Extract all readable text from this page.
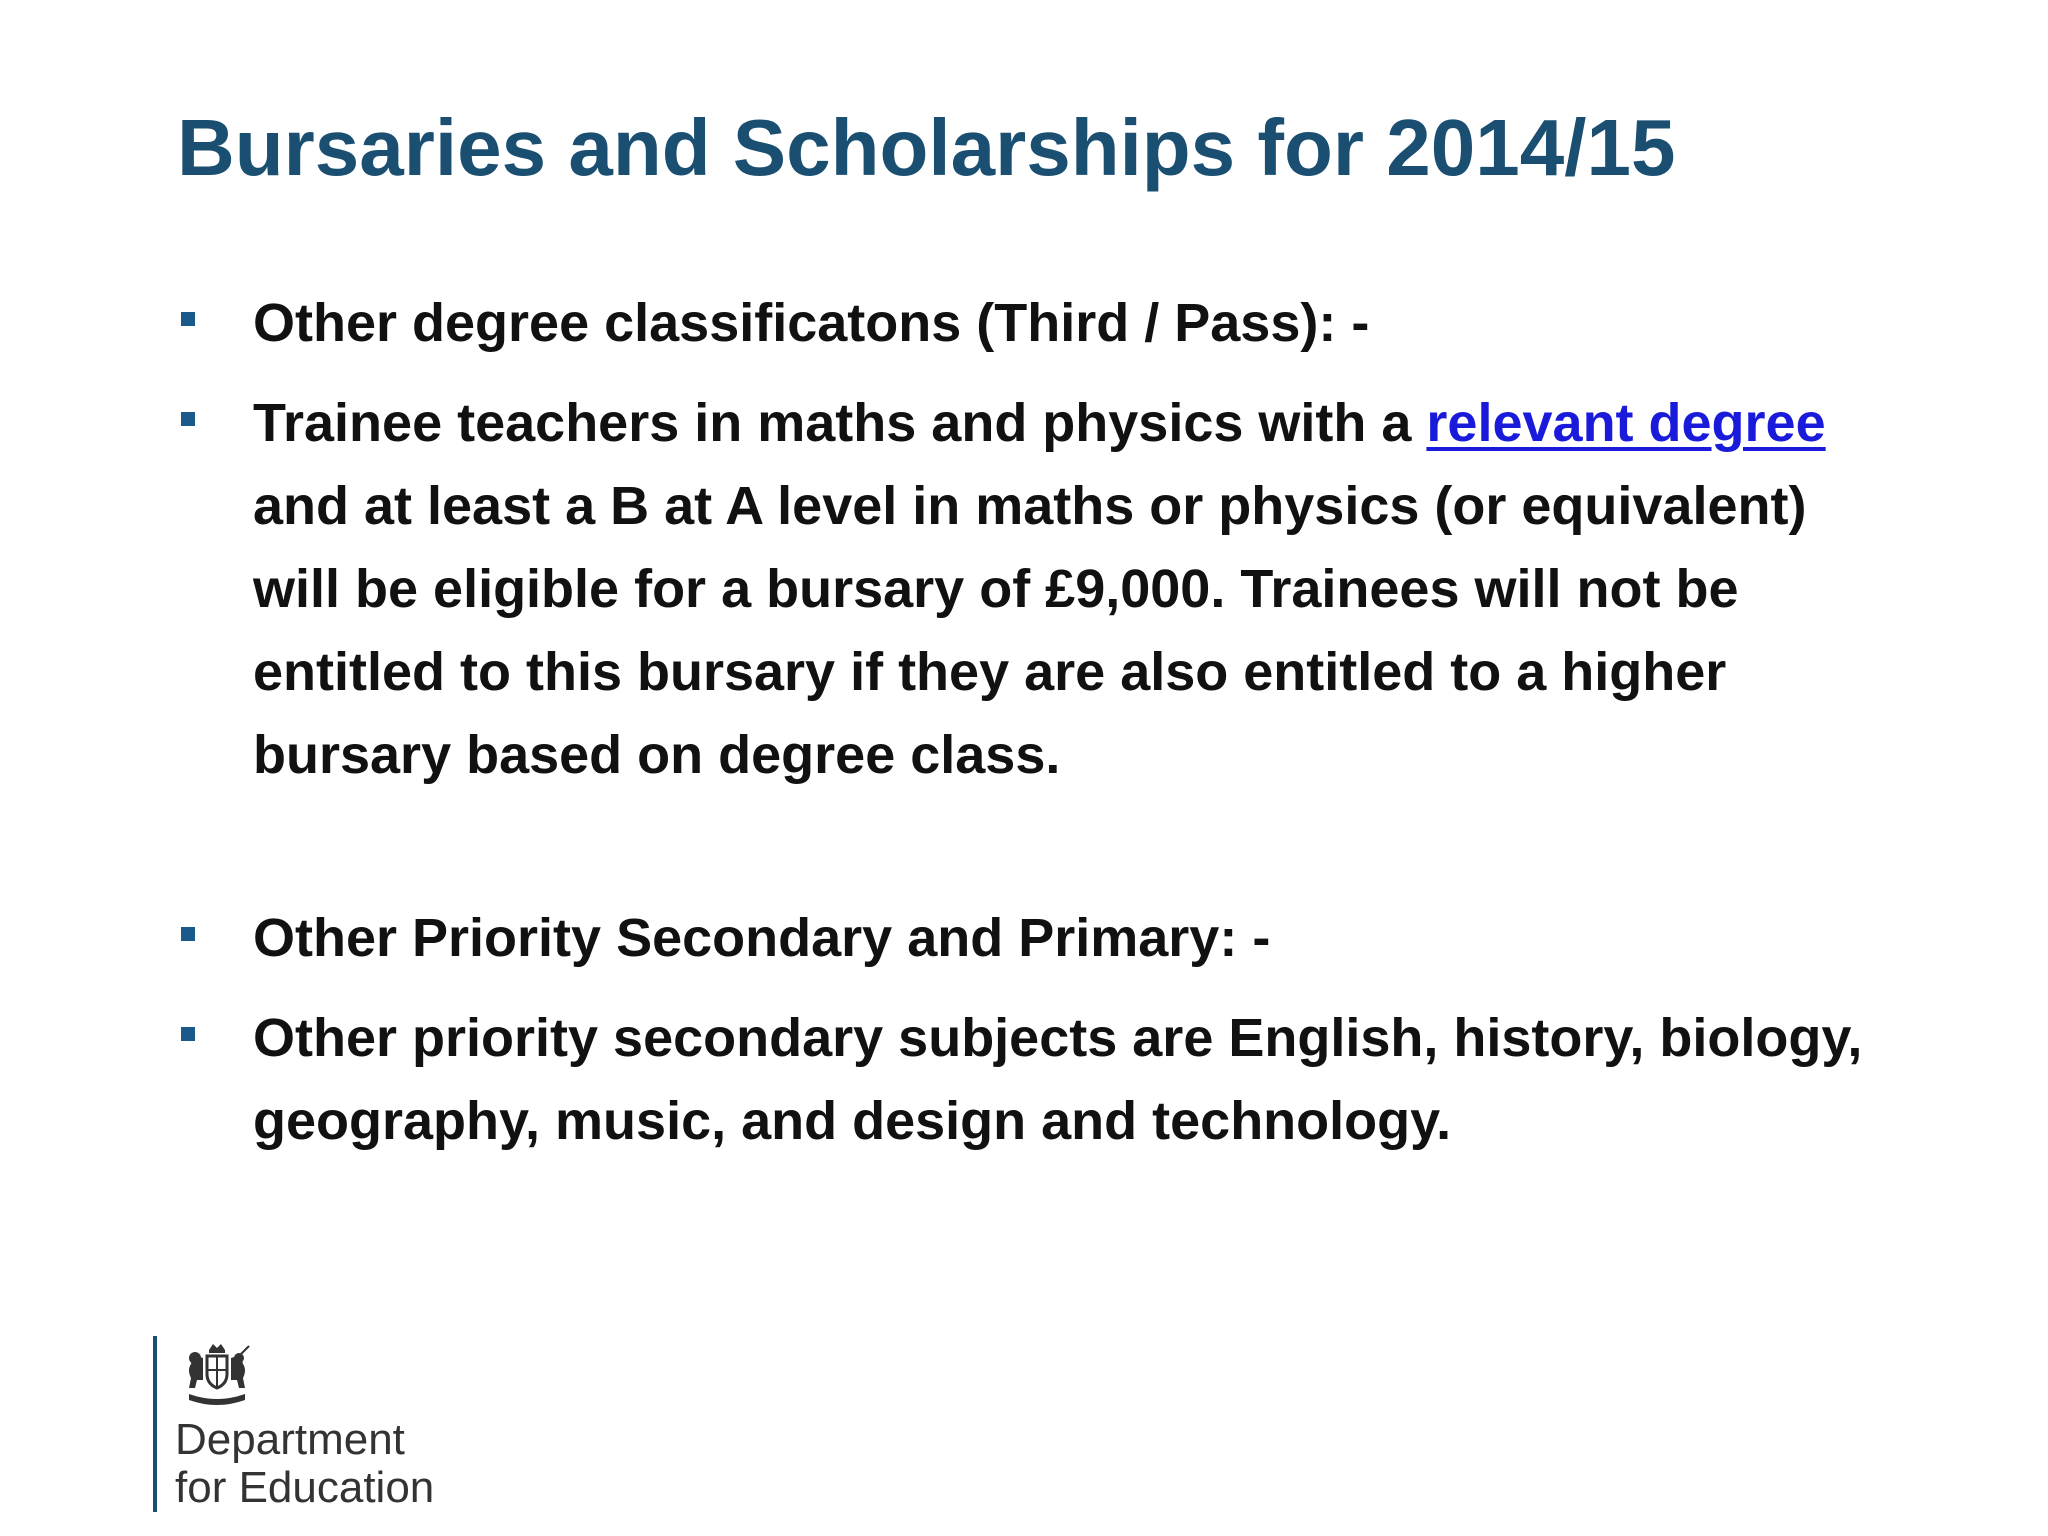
Bursaries and Scholarships for 2014/15
Other degree classificatons (Third / Pass): -
Trainee teachers in maths and physics with a relevant degree and at least a B at A level in maths or physics (or equivalent) will be eligible for a bursary of £9,000. Trainees will not be entitled to this bursary if they are also entitled to a higher bursary based on degree class.
Other Priority Secondary and Primary: -
Other priority secondary subjects are English, history, biology, geography, music, and design and technology.
Department
for Education
